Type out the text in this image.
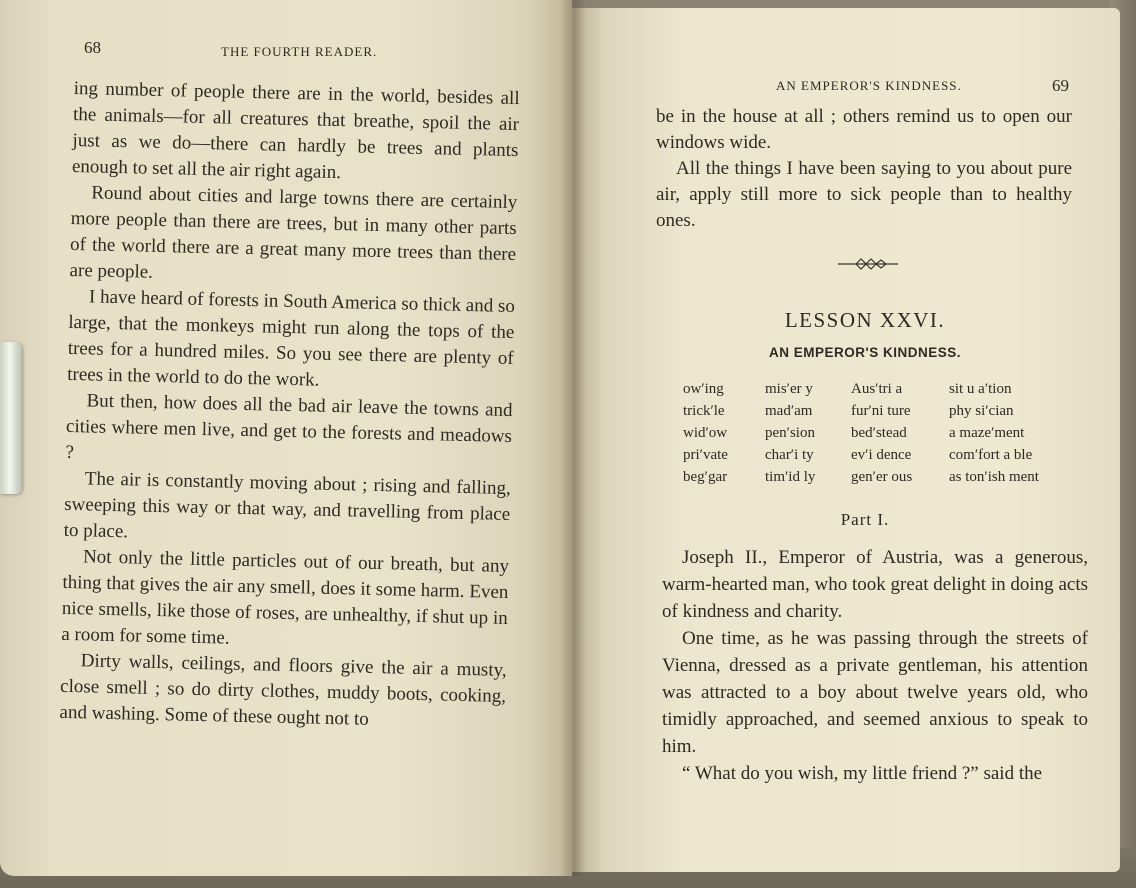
68	THE FOURTH READER.

ing number of people there are in the world, besides all the animals—for all creatures that breathe, spoil the air just as we do—there can hardly be trees and plants enough to set all the air right again.

Round about cities and large towns there are certainly more people than there are trees, but in many other parts of the world there are a great many more trees than there are people.

I have heard of forests in South America so thick and so large, that the monkeys might run along the tops of the trees for a hundred miles. So you see there are plenty of trees in the world to do the work.

But then, how does all the bad air leave the towns and cities where men live, and get to the forests and meadows ?

The air is constantly moving about ; rising and falling, sweeping this way or that way, and travelling from place to place.

Not only the little particles out of our breath, but any thing that gives the air any smell, does it some harm. Even nice smells, like those of roses, are unhealthy, if shut up in a room for some time.

Dirty walls, ceilings, and floors give the air a musty, close smell ; so do dirty clothes, muddy boots, cooking, and washing. Some of these ought not to

AN EMPEROR'S KINDNESS.	69

be in the house at all ; others remind us to open our windows wide.

All the things I have been saying to you about pure air, apply still more to sick people than to healthy ones.

LESSON XXVI.
AN EMPEROR'S KINDNESS.
ow′ing
trick′le
wid′ow
pri′vate
beg′gar
mis′er y
mad′am
pen′sion
char′i ty
tim′id ly
Aus′tri a
fur′ni ture
bed′stead
ev′i dence
gen′er ous
sit u a′tion
phy si′cian
a maze′ment
com′fort a ble
as ton′ish ment
Part I.

Joseph II., Emperor of Austria, was a generous, warm-hearted man, who took great delight in doing acts of kindness and charity.

One time, as he was passing through the streets of Vienna, dressed as a private gentleman, his attention was attracted to a boy about twelve years old, who timidly approached, and seemed anxious to speak to him.

“ What do you wish, my little friend ?” said the
